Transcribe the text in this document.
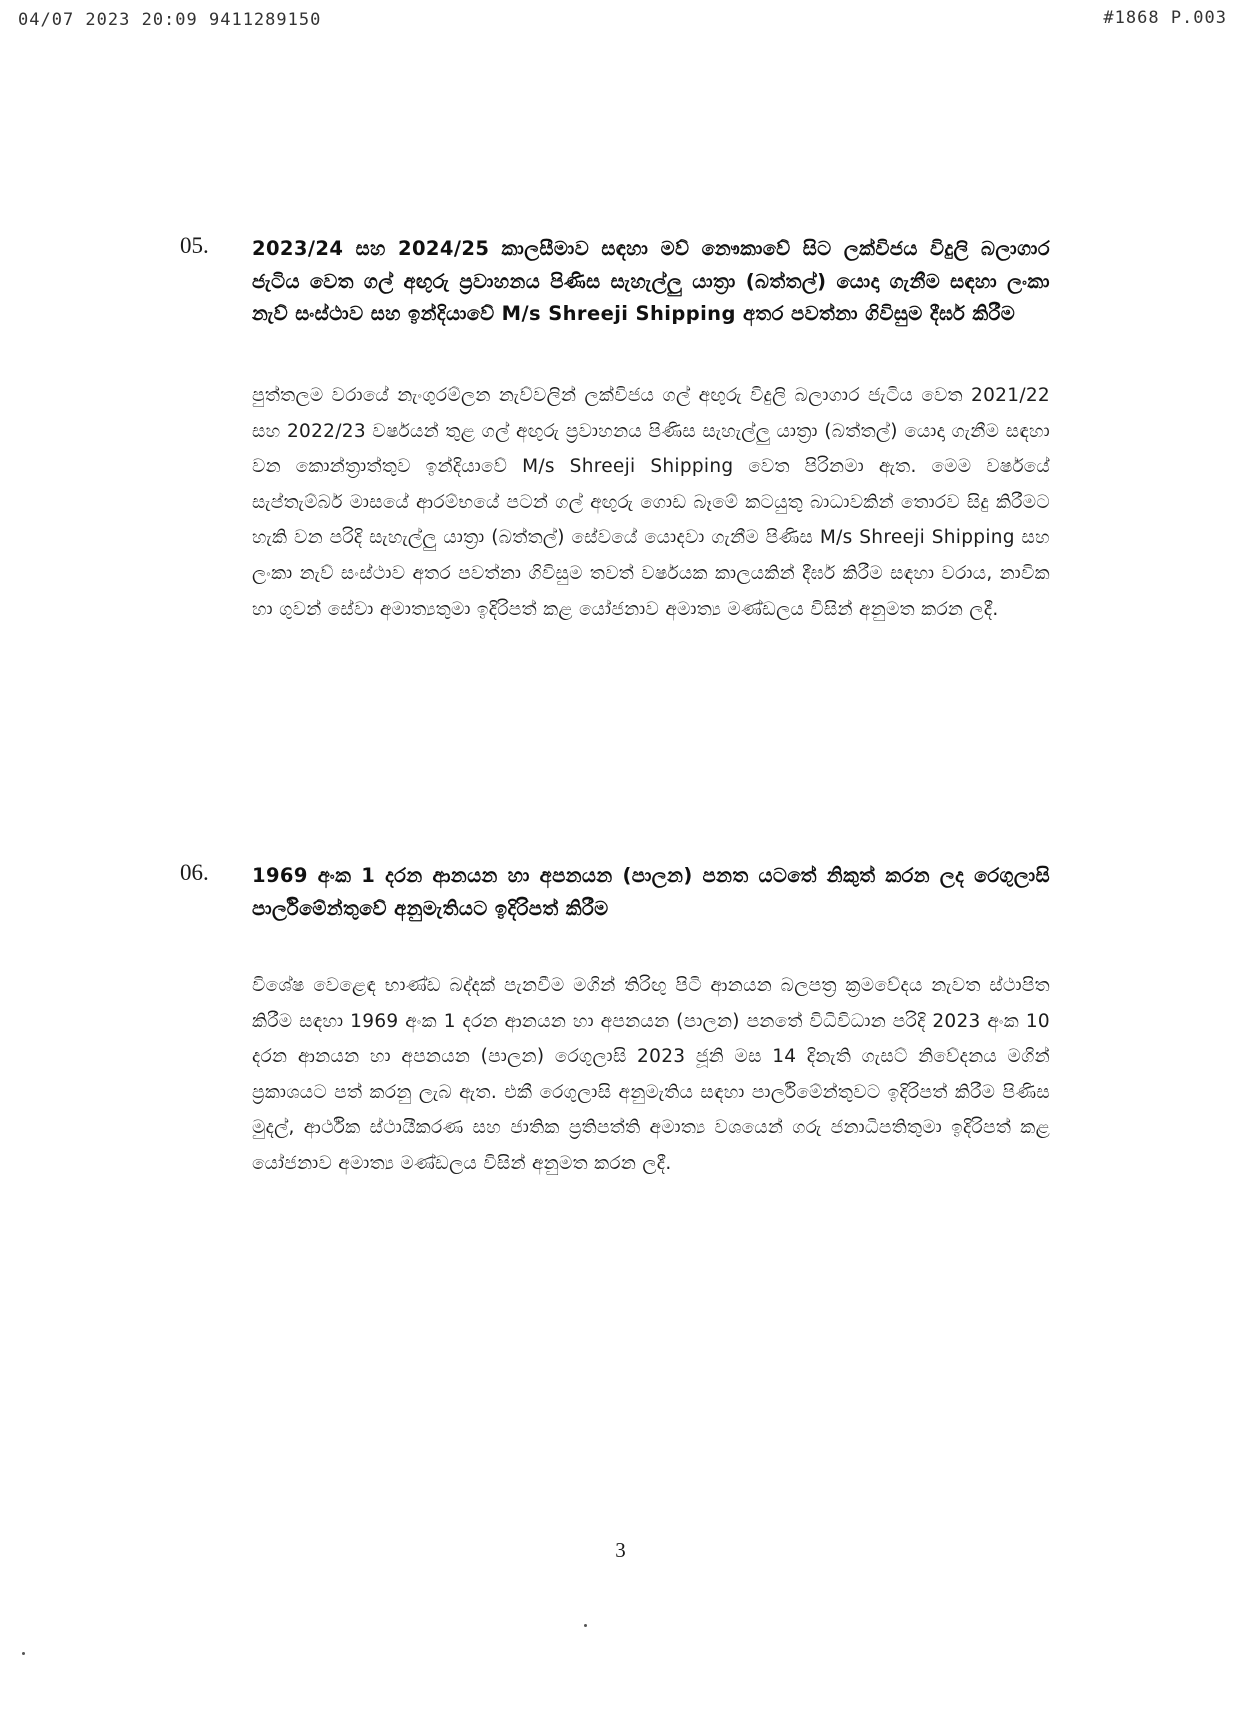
04/07 2023 20:09 9411289150	#1868 P.003
05. 2023/24 සහ 2024/25 කාලසීමාව සඳහා මව් නෞකාවේ සිට ලක්විජය විදුලි බලාගාර ජැටිය වෙත ගල් අඟුරු ප්‍රවාහනය පිණිස සැහැල්ලු යාත්‍රා (බත්තල්) යොදා ගැනීම සඳහා ලංකා නැව් සංස්ථාව සහ ඉන්දියාවේ M/s Shreeji Shipping අතර පවත්නා ගිවිසුම දීර්ඝ කිරීම
පුත්තලම වරායේ නැංගුරම්ලන නැව්වලින් ලක්විජය ගල් අඟුරු විදුලි බලාගාර ජැටිය වෙත 2021/22 සහ 2022/23 වර්ෂයන් තුළ ගල් අඟුරු ප්‍රවාහනය පිණිස සැහැල්ලු යාත්‍රා (බත්තල්) යොදා ගැනීම සඳහා වන කොන්ත්‍රාත්තුව ඉන්දියාවේ M/s Shreeji Shipping වෙත පිරිනමා ඇත. මෙම වර්ෂයේ සැප්තැම්බර් මාසයේ ආරම්භයේ පටන් ගල් අඟුරු ගොඩ බෑමේ කටයුතු බාධාවකින් තොරව සිදු කිරීමට හැකි වන පරිදි සැහැල්ලු යාත්‍රා (බත්තල්) සේවයේ යොදවා ගැනීම පිණිස M/s Shreeji Shipping සහ ලංකා නැව් සංස්ථාව අතර පවත්නා ගිවිසුම තවත් වර්ෂයක කාලයකින් දීර්ඝ කිරීම සඳහා වරාය, නාවික හා ගුවන් සේවා අමාත්‍යතුමා ඉදිරිපත් කළ යෝජනාව අමාත්‍ය මණ්ඩලය විසින් අනුමත කරන ලදී.
06. 1969 අංක 1 දරන ආනයන හා අපනයන (පාලන) පනත යටතේ නිකුත් කරන ලද රෙගුලාසි පාර්ලිමේන්තුවේ අනුමැතියට ඉදිරිපත් කිරීම
විශේෂ වෙළෙඳ භාණ්ඩ බද්දක් පැනවීම මගින් තිරිඟු පිටි ආනයන බලපත්‍ර ක්‍රමවේදය නැවත ස්ථාපිත කිරීම සඳහා 1969 අංක 1 දරන ආනයන හා අපනයන (පාලන) පනතේ විධිවිධාන පරිදි 2023 අංක 10 දරන ආනයන හා අපනයන (පාලන) රෙගුලාසි 2023 ජූනි මස 14 දිනැති ගැසට් නිවේදනය මගින් ප්‍රකාශයට පත් කරනු ලැබ ඇත. එකී රෙගුලාසි අනුමැතිය සඳහා පාර්ලිමේන්තුවට ඉදිරිපත් කිරීම පිණිස මුදල්, ආර්ථික ස්ථායීකරණ සහ ජාතික ප්‍රතිපත්ති අමාත්‍ය වශයෙන් ගරු ජනාධිපතිතුමා ඉදිරිපත් කළ යෝජනාව අමාත්‍ය මණ්ඩලය විසින් අනුමත කරන ලදී.
3
